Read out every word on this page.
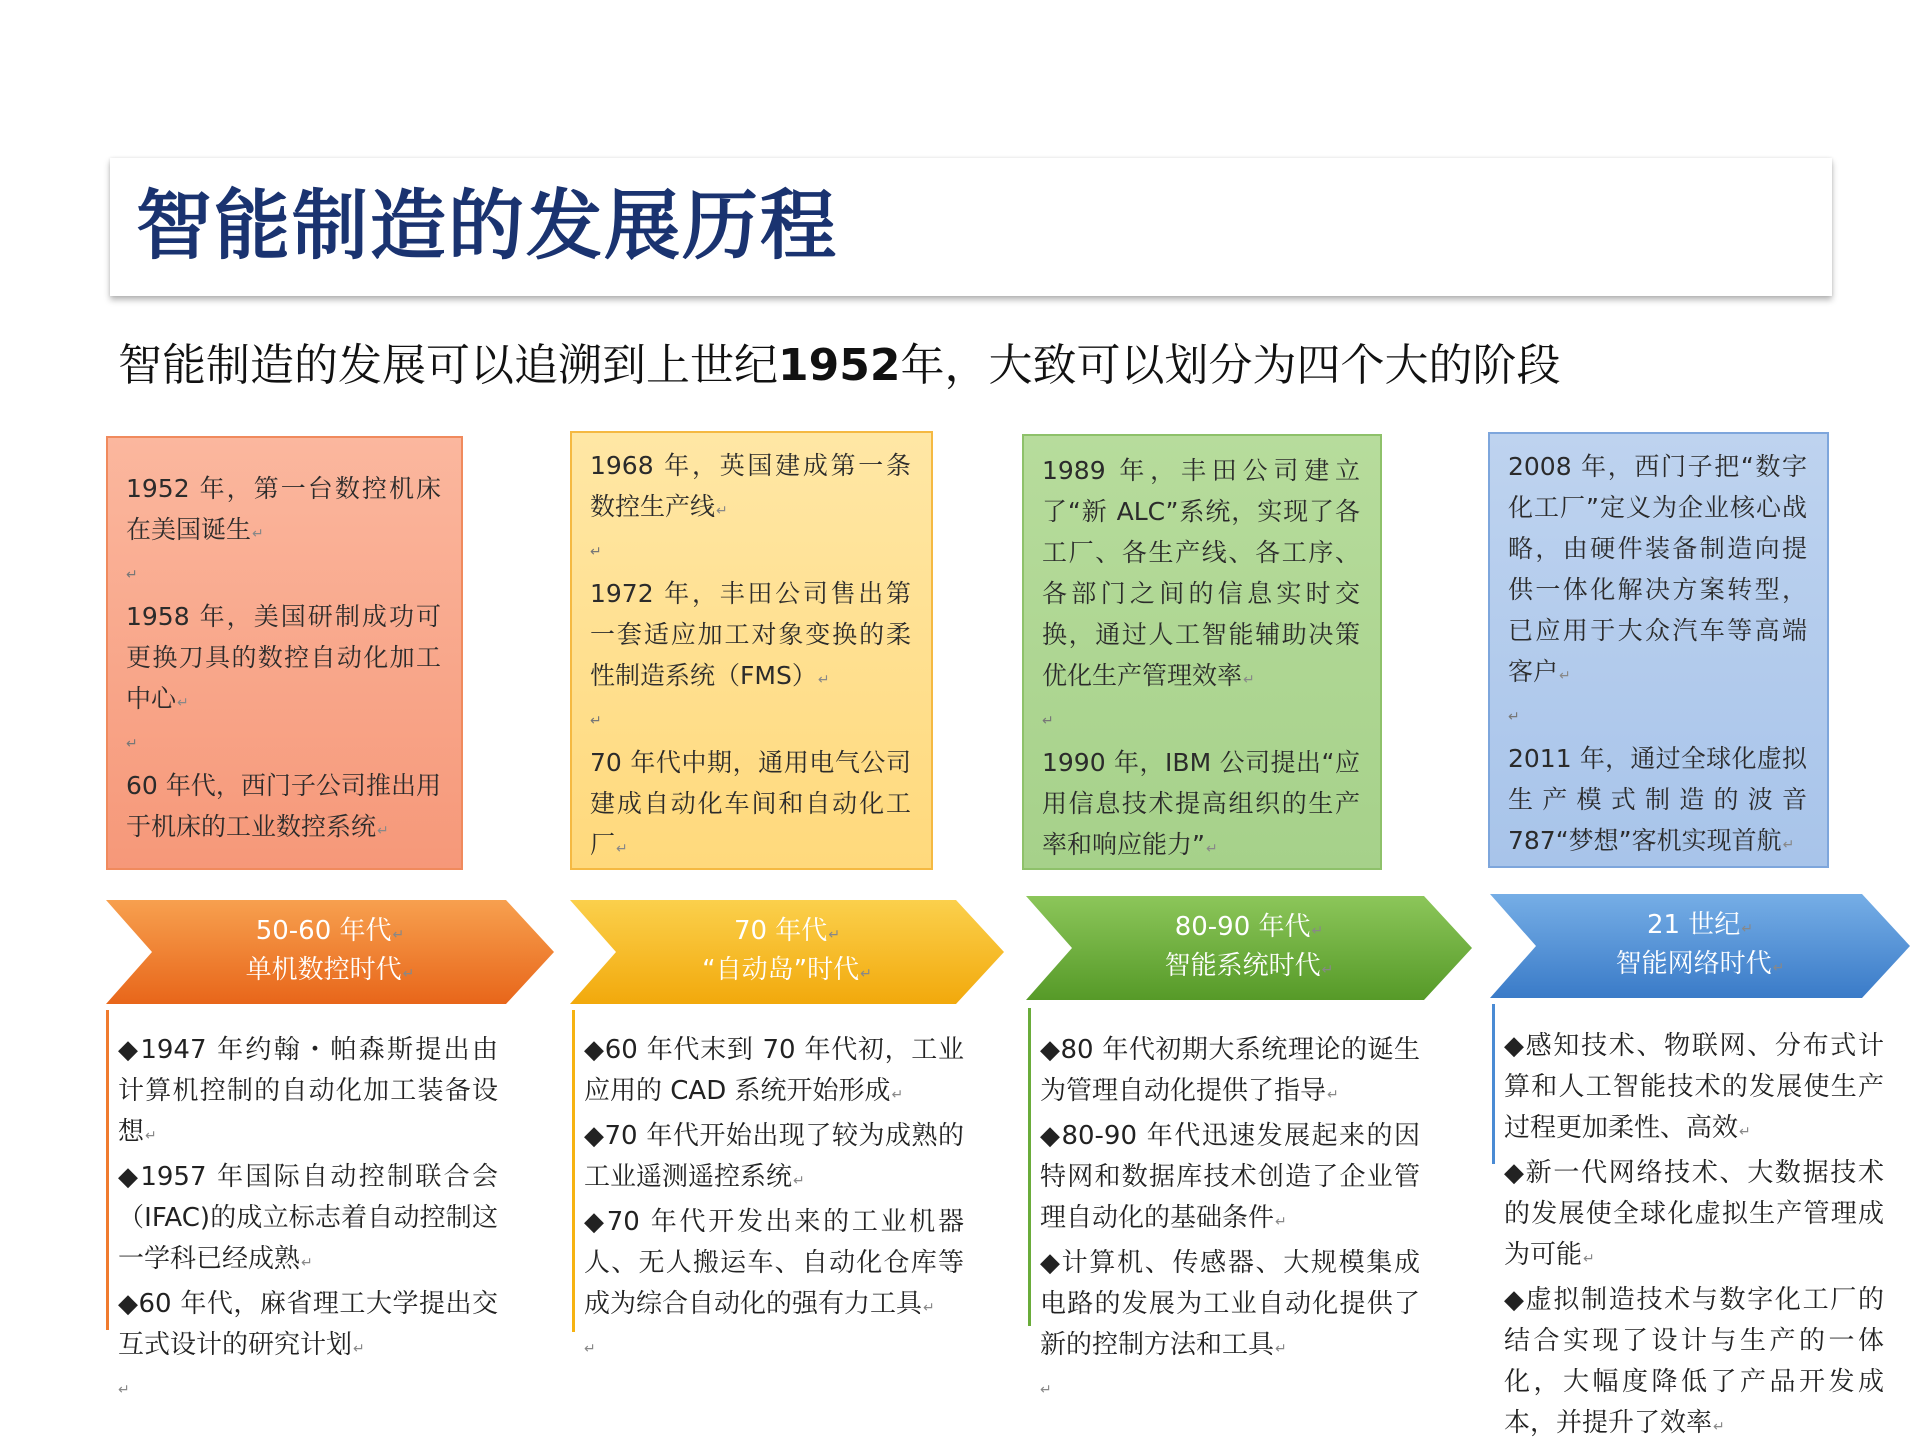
智能制造的发展历程
智能制造的发展可以追溯到上世纪1952年，大致可以划分为四个大的阶段

1952 年，第一台数控机床在美国诞生↵

↵

1958 年，美国研制成功可更换刀具的数控自动化加工中心↵

↵

60 年代，西门子公司推出用于机床的工业数控系统↵

50-60 年代↵
单机数控时代↵

◆1947 年约翰・帕森斯提出由计算机控制的自动化加工装备设想↵

◆1957 年国际自动控制联合会（IFAC)的成立标志着自动控制这一学科已经成熟↵

◆60 年代，麻省理工大学提出交互式设计的研究计划↵

↵

1968 年，英国建成第一条数控生产线↵

↵

1972 年，丰田公司售出第一套适应加工对象变换的柔性制造系统（FMS）↵

↵

70 年代中期，通用电气公司建成自动化车间和自动化工厂↵

70 年代↵
“自动岛”时代↵

◆60 年代末到 70 年代初，工业应用的 CAD 系统开始形成↵

◆70 年代开始出现了较为成熟的工业遥测遥控系统↵

◆70 年代开发出来的工业机器人、无人搬运车、自动化仓库等成为综合自动化的强有力工具↵

↵

1989 年，丰田公司建立了“新 ALC”系统，实现了各工厂、各生产线、各工序、各部门之间的信息实时交换，通过人工智能辅助决策优化生产管理效率↵

↵

1990 年，IBM 公司提出“应用信息技术提高组织的生产率和响应能力”↵

80-90 年代↵
智能系统时代↵

◆80 年代初期大系统理论的诞生为管理自动化提供了指导↵

◆80-90 年代迅速发展起来的因特网和数据库技术创造了企业管理自动化的基础条件↵

◆计算机、传感器、大规模集成电路的发展为工业自动化提供了新的控制方法和工具↵

↵

2008 年，西门子把“数字化工厂”定义为企业核心战略，由硬件装备制造向提供一体化解决方案转型，已应用于大众汽车等高端客户↵

↵

2011 年，通过全球化虚拟生产模式制造的波音 787“梦想”客机实现首航↵

21 世纪↵
智能网络时代↵

◆感知技术、物联网、分布式计算和人工智能技术的发展使生产过程更加柔性、高效↵

◆新一代网络技术、大数据技术的发展使全球化虚拟生产管理成为可能↵

◆虚拟制造技术与数字化工厂的结合实现了设计与生产的一体化，大幅度降低了产品开发成本，并提升了效率↵
